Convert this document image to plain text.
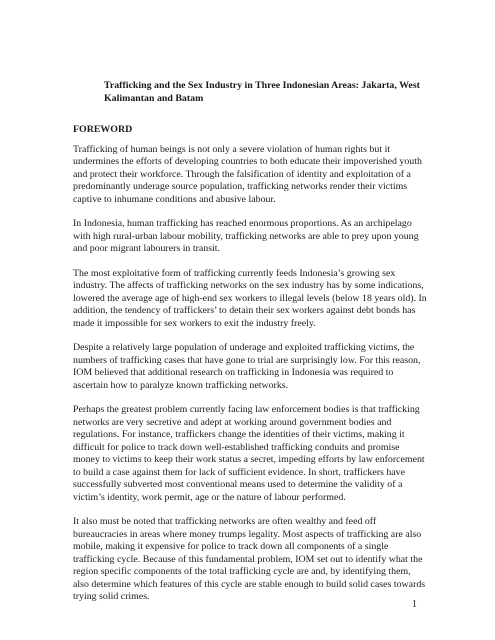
Trafficking and the Sex Industry in Three Indonesian Areas: Jakarta, West Kalimantan and Batam
FOREWORD

Trafficking of human beings is not only a severe violation of human rights but it undermines the efforts of developing countries to both educate their impoverished youth and protect their workforce. Through the falsification of identity and exploitation of a predominantly underage source population, trafficking networks render their victims captive to inhumane conditions and abusive labour.

In Indonesia, human trafficking has reached enormous proportions. As an archipelago with high rural-urban labour mobility, trafficking networks are able to prey upon young and poor migrant labourers in transit.

The most exploitative form of trafficking currently feeds Indonesia’s growing sex industry. The affects of trafficking networks on the sex industry has by some indications, lowered the average age of high-end sex workers to illegal levels (below 18 years old). In addition, the tendency of traffickers’ to detain their sex workers against debt bonds has made it impossible for sex workers to exit the industry freely.

Despite a relatively large population of underage and exploited trafficking victims, the numbers of trafficking cases that have gone to trial are surprisingly low. For this reason, IOM believed that additional research on trafficking in Indonesia was required to ascertain how to paralyze known trafficking networks.

Perhaps the greatest problem currently facing law enforcement bodies is that trafficking networks are very secretive and adept at working around government bodies and regulations. For instance, traffickers change the identities of their victims, making it difficult for police to track down well-established trafficking conduits and promise money to victims to keep their work status a secret, impeding efforts by law enforcement to build a case against them for lack of sufficient evidence. In short, traffickers have successfully subverted most conventional means used to determine the validity of a victim’s identity, work permit, age or the nature of labour performed.

It also must be noted that trafficking networks are often wealthy and feed off bureaucracies in areas where money trumps legality. Most aspects of trafficking are also mobile, making it expensive for police to track down all components of a single trafficking cycle. Because of this fundamental problem, IOM set out to identify what the region specific components of the total trafficking cycle are and, by identifying them, also determine which features of this cycle are stable enough to build solid cases towards trying solid crimes.

1
